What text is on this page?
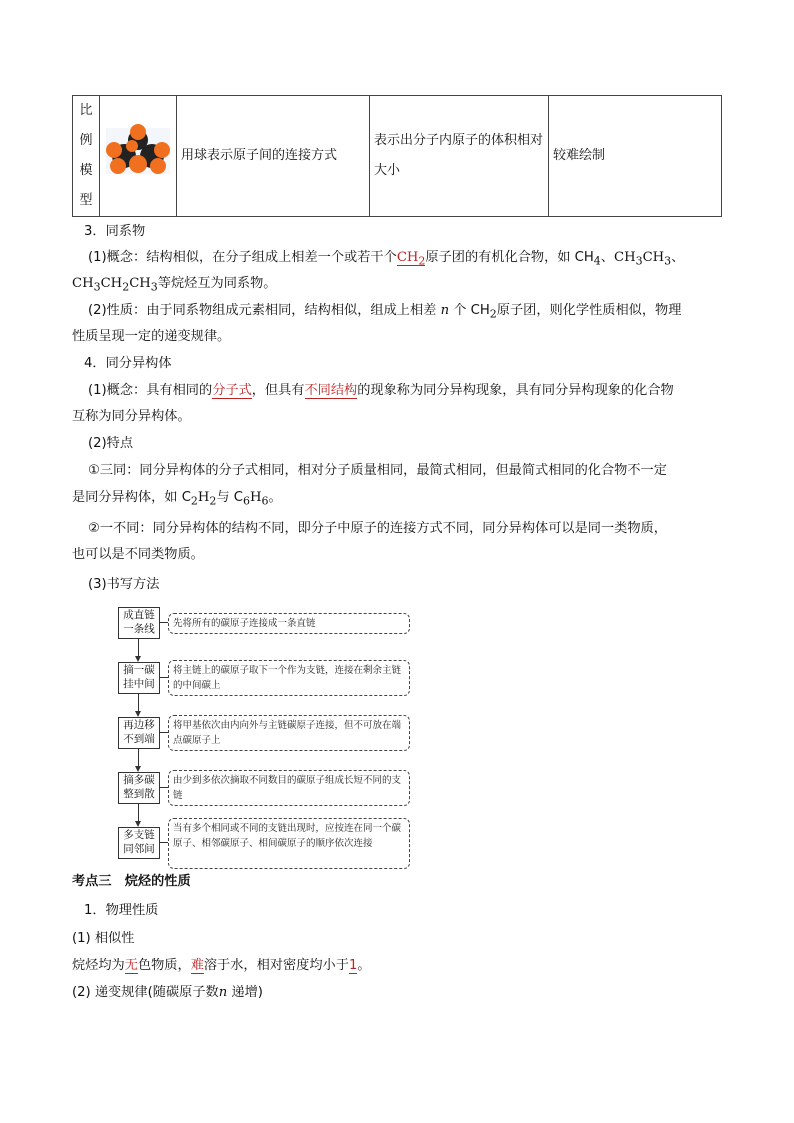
比
例
模
型
		用球表示原子间的连接方式	表示出分子内原子的体积相对大小	较难绘制
3．同系物
(1)概念：结构相似，在分子组成上相差一个或若干个$CH_2$原子团的有机化合物，如 $CH_4$、$CH_3CH_3$、
$CH_3CH_2CH_3$等烷烃互为同系物。
(2)性质：由于同系物组成元素相同，结构相似，组成上相差 n 个 $CH_2$原子团，则化学性质相似，物理
性质呈现一定的递变规律。
4．同分异构体
(1)概念：具有相同的分子式，但具有不同结构的现象称为同分异构现象，具有同分异构现象的化合物
互称为同分异构体。
(2)特点
①三同：同分异构体的分子式相同，相对分子质量相同，最简式相同，但最简式相同的化合物不一定
是同分异构体，如 $C_2H_2$与 $C_6H_6$。
②一不同：同分异构体的结构不同，即分子中原子的连接方式不同，同分异构体可以是同一类物质，
也可以是不同类物质。
(3)书写方法
成直链
一条线	先将所有的碳原子连接成一条直链
摘一碳
挂中间
将主链上的碳原子取下一个作为支链，连接在剩余主链的中间碳上
再边移
不到端
将甲基依次由内向外与主链碳原子连接，但不可放在端点碳原子上
摘多碳
整到散
由少到多依次摘取不同数目的碳原子组成长短不同的支链
多支链
同邻间
当有多个相同或不同的支链出现时，应按连在同一个碳原子、相邻碳原子、相间碳原子的顺序依次连接
考点三　烷烃的性质
1．物理性质
(1) 相似性
烷烃均为无色物质，难溶于水，相对密度均小于1。
(2) 递变规律(随碳原子数n 递增)
